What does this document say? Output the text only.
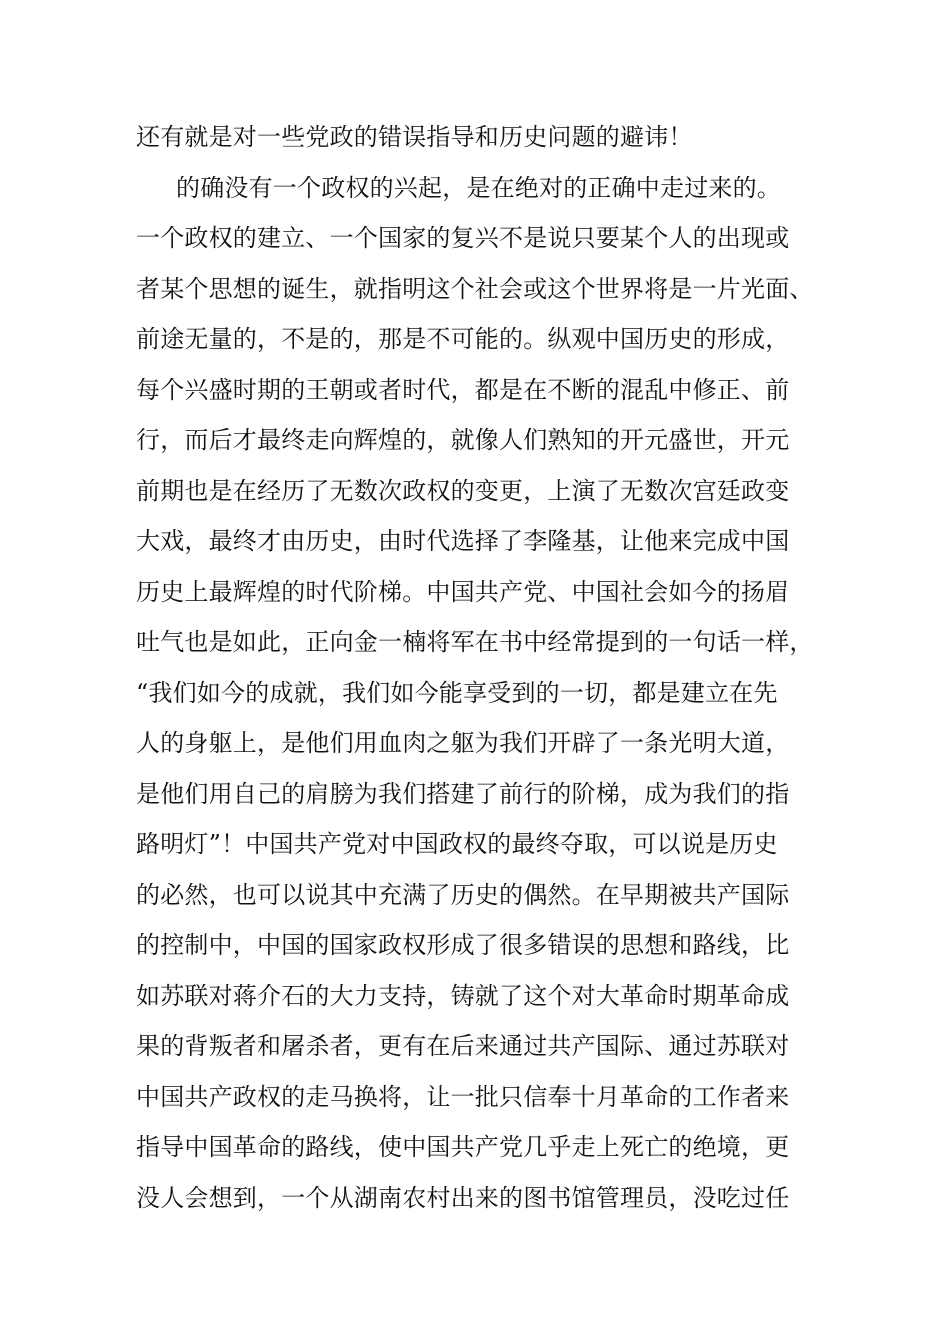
还有就是对一些党政的错误指导和历史问题的避讳！
的确没有一个政权的兴起，是在绝对的正确中走过来的。
一个政权的建立、一个国家的复兴不是说只要某个人的出现或
者某个思想的诞生，就指明这个社会或这个世界将是一片光面、
前途无量的，不是的，那是不可能的。纵观中国历史的形成，
每个兴盛时期的王朝或者时代，都是在不断的混乱中修正、前
行，而后才最终走向辉煌的，就像人们熟知的开元盛世，开元
前期也是在经历了无数次政权的变更，上演了无数次宫廷政变
大戏，最终才由历史，由时代选择了李隆基，让他来完成中国
历史上最辉煌的时代阶梯。中国共产党、中国社会如今的扬眉
吐气也是如此，正向金一楠将军在书中经常提到的一句话一样，
“我们如今的成就，我们如今能享受到的一切，都是建立在先
人的身躯上，是他们用血肉之躯为我们开辟了一条光明大道，
是他们用自己的肩膀为我们搭建了前行的阶梯，成为我们的指
路明灯”！中国共产党对中国政权的最终夺取，可以说是历史
的必然，也可以说其中充满了历史的偶然。在早期被共产国际
的控制中，中国的国家政权形成了很多错误的思想和路线，比
如苏联对蒋介石的大力支持，铸就了这个对大革命时期革命成
果的背叛者和屠杀者，更有在后来通过共产国际、通过苏联对
中国共产政权的走马换将，让一批只信奉十月革命的工作者来
指导中国革命的路线，使中国共产党几乎走上死亡的绝境，更
没人会想到，一个从湖南农村出来的图书馆管理员，没吃过任
